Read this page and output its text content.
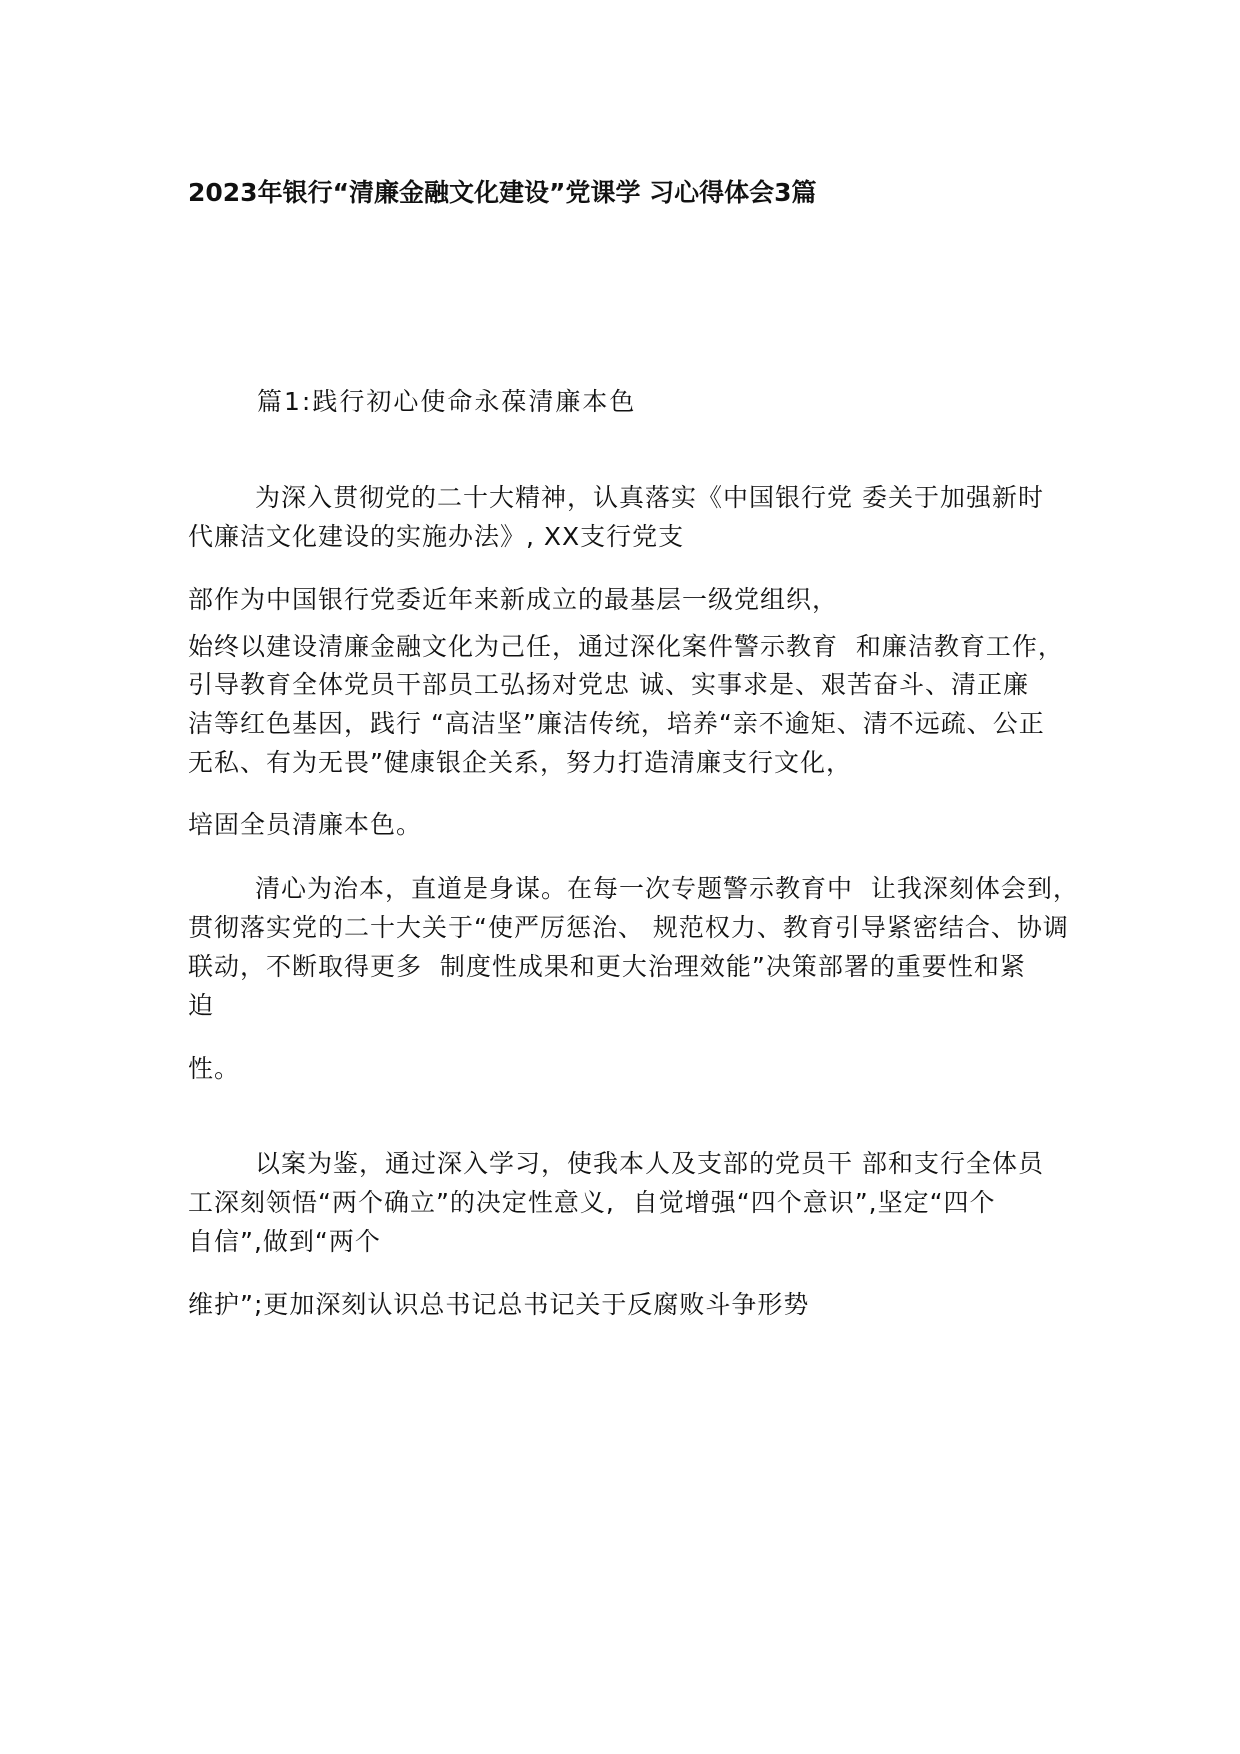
2023年银行“清廉金融文化建设”党课学 习心得体会3篇
篇1:践行初心使命永葆清廉本色
为深入贯彻党的二十大精神，认真落实《中国银行党 委关于加强新时
代廉洁文化建设的实施办法》, XX支行党支
部作为中国银行党委近年来新成立的最基层一级党组织，
始终以建设清廉金融文化为己任，通过深化案件警示教育  和廉洁教育工作，
引导教育全体党员干部员工弘扬对党忠 诚、实事求是、艰苦奋斗、清正廉
洁等红色基因，践行 “高洁坚”廉洁传统，培养“亲不逾矩、清不远疏、公正
无私、有为无畏”健康银企关系，努力打造清廉支行文化，
培固全员清廉本色。
清心为治本，直道是身谋。在每一次专题警示教育中  让我深刻体会到，
贯彻落实党的二十大关于“使严厉惩治、 规范权力、教育引导紧密结合、协调
联动，不断取得更多  制度性成果和更大治理效能”决策部署的重要性和紧
迫
性。
以案为鉴，通过深入学习，使我本人及支部的党员干 部和支行全体员
工深刻领悟“两个确立”的决定性意义,  自觉增强“四个意识”,坚定“四个
自信”,做到“两个
维护”;更加深刻认识总书记总书记关于反腐败斗争形势
